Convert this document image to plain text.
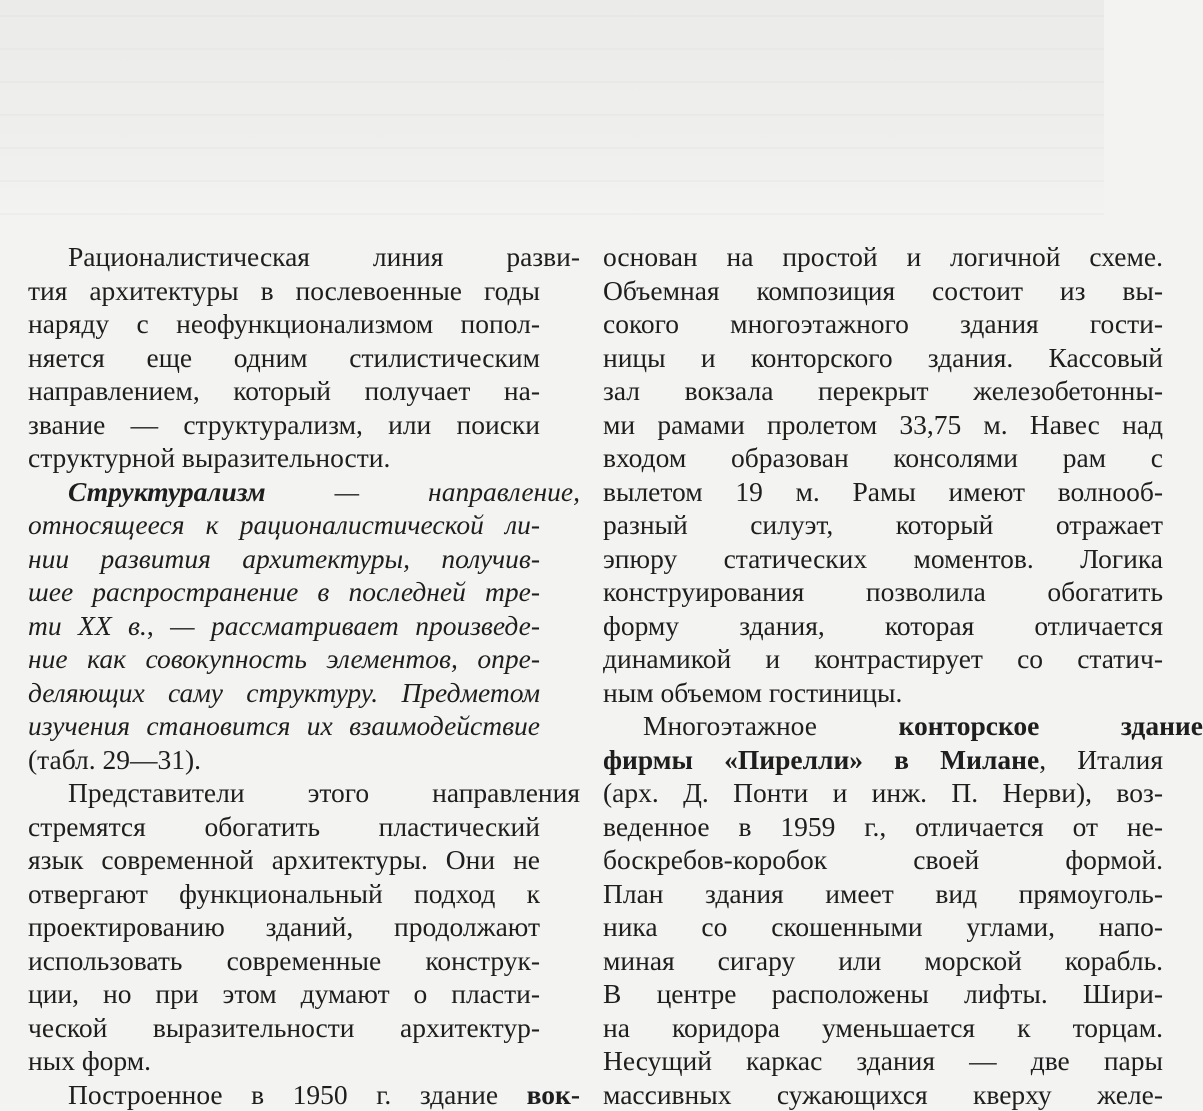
Рационалистическая линия разви-
тия архитектуры в послевоенные годы
наряду с неофункционализмом попол-
няется еще одним стилистическим
направлением, который получает на-
звание — структурализм, или поиски
структурной выразительности.
Структурализм — направление,
относящееся к рационалистической ли-
нии развития архитектуры, получив-
шее распространение в последней тре-
ти XX в., — рассматривает произведе-
ние как совокупность элементов, опре-
деляющих саму структуру. Предметом
изучения становится их взаимодействие
(табл. 29—31).
Представители этого направления
стремятся обогатить пластический
язык современной архитектуры. Они не
отвергают функциональный подход к
проектированию зданий, продолжают
использовать современные конструк-
ции, но при этом думают о пласти-
ческой выразительности архитектур-
ных форм.
Построенное в 1950 г. здание вок-
основан на простой и логичной схеме.
Объемная композиция состоит из вы-
сокого многоэтажного здания гости-
ницы и конторского здания. Кассовый
зал вокзала перекрыт железобетонны-
ми рамами пролетом 33,75 м. Навес над
входом образован консолями рам с
вылетом 19 м. Рамы имеют волнооб-
разный силуэт, который отражает
эпюру статических моментов. Логика
конструирования позволила обогатить
форму здания, которая отличается
динамикой и контрастирует со статич-
ным объемом гостиницы.
Многоэтажное конторское здание
фирмы «Пирелли» в Милане, Италия
(арх. Д. Понти и инж. П. Нерви), воз-
веденное в 1959 г., отличается от не-
боскребов-коробок своей формой.
План здания имеет вид прямоуголь-
ника со скошенными углами, напо-
миная сигару или морской корабль.
В центре расположены лифты. Шири-
на коридора уменьшается к торцам.
Несущий каркас здания — две пары
массивных сужающихся кверху желе-
